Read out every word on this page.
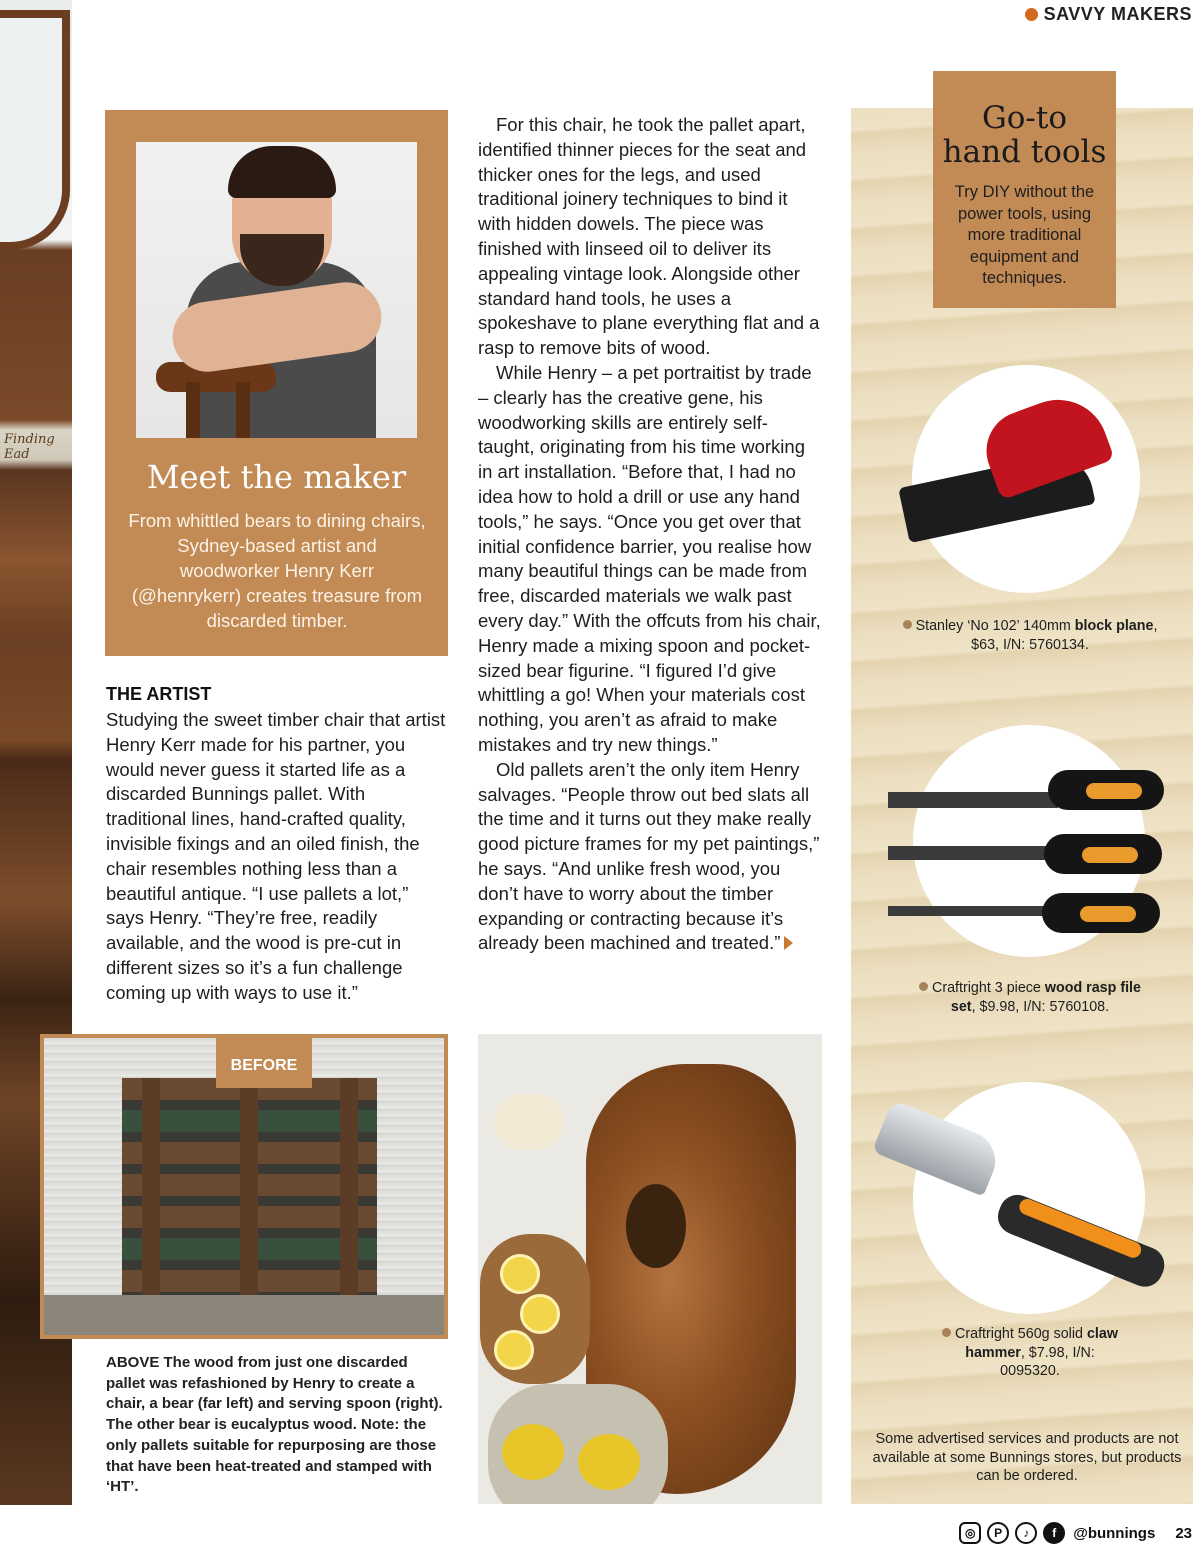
Finding Ead
SAVVY MAKERS
Meet the maker
From whittled bears to dining chairs, Sydney-based artist and woodworker Henry Kerr (@henrykerr) creates treasure from discarded timber.
THE ARTIST

Studying the sweet timber chair that artist Henry Kerr made for his partner, you would never guess it started life as a discarded Bunnings pallet. With traditional lines, hand-crafted quality, invisible fixings and an oiled finish, the chair resembles nothing less than a beautiful antique. “I use pallets a lot,” says Henry. “They’re free, readily available, and the wood is pre-cut in different sizes so it’s a fun challenge coming up with ways to use it.”

For this chair, he took the pallet apart, identified thinner pieces for the seat and thicker ones for the legs, and used traditional joinery techniques to bind it with hidden dowels. The piece was finished with linseed oil to deliver its appealing vintage look. Alongside other standard hand tools, he uses a spokeshave to plane everything flat and a rasp to remove bits of wood.

While Henry – a pet portraitist by trade – clearly has the creative gene, his woodworking skills are entirely self-taught, originating from his time working in art installation. “Before that, I had no idea how to hold a drill or use any hand tools,” he says. “Once you get over that initial confidence barrier, you realise how many beautiful things can be made from free, discarded materials we walk past every day.” With the offcuts from his chair, Henry made a mixing spoon and pocket-sized bear figurine. “I figured I’d give whittling a go! When your materials cost nothing, you aren’t as afraid to make mistakes and try new things.”

Old pallets aren’t the only item Henry salvages. “People throw out bed slats all the time and it turns out they make really good picture frames for my pet paintings,” he says. “And unlike fresh wood, you don’t have to worry about the timber expanding or contracting because it’s already been machined and treated.”

BEFORE
ABOVE The wood from just one discarded pallet was refashioned by Henry to create a chair, a bear (far left) and serving spoon (right). The other bear is eucalyptus wood. Note: the only pallets suitable for repurposing are those that have been heat-treated and stamped with ‘HT’.
Go-to
hand tools
Try DIY without the power tools, using more traditional equipment and techniques.
Stanley ‘No 102’ 140mm block plane, $63, I/N: 5760134.
Craftright 3 piece wood rasp file set, $9.98, I/N: 5760108.
Craftright 560g solid claw hammer, $7.98, I/N: 0095320.
Some advertised services and products are not available at some Bunnings stores, but products can be ordered.
◎	P	♪	f	@bunnings 23
